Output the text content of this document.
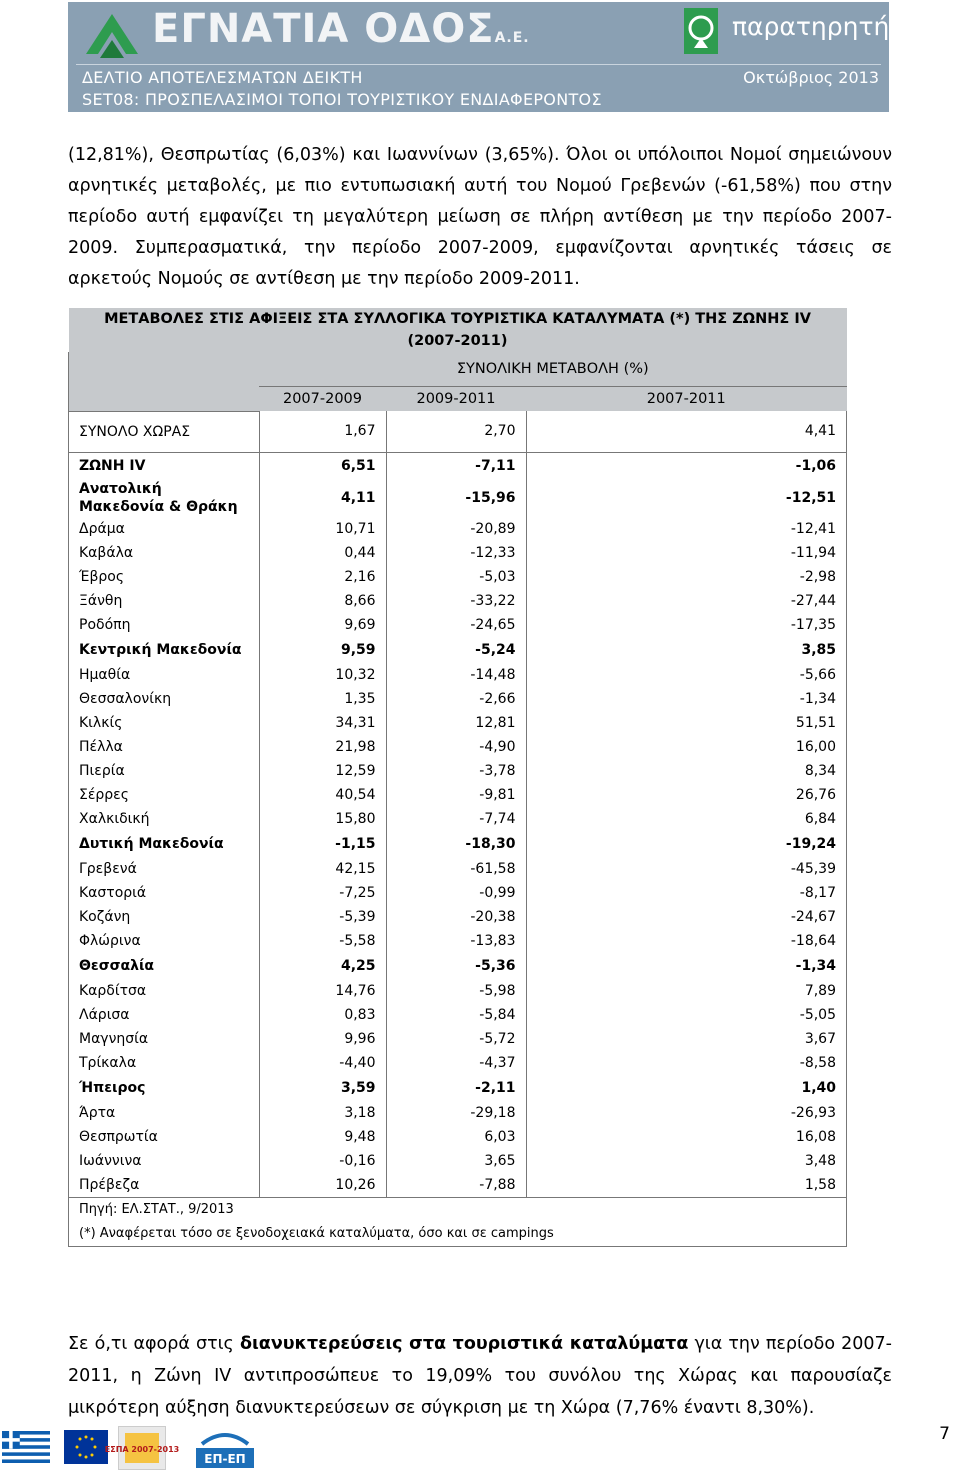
ΕΓΝΑΤΙΑ ΟΔΟΣΑ.Ε.	παρατηρητήριο
ΔΕΛΤΙΟ ΑΠΟΤΕΛΕΣΜΑΤΩΝ ΔΕΙΚΤΗ	Οκτώβριος 2013
SET08: ΠΡΟΣΠΕΛΑΣΙΜΟΙ ΤΟΠΟΙ ΤΟΥΡΙΣΤΙΚΟΥ ΕΝΔΙΑΦΕΡΟΝΤΟΣ
(12,81%), Θεσπρωτίας (6,03%) και Ιωαννίνων (3,65%). Όλοι οι υπόλοιποι Νομοί σημειώνουν αρνητικές μεταβολές, με πιο εντυπωσιακή αυτή του Νομού Γρεβενών (-61,58%) που στην περίοδο αυτή εμφανίζει τη μεγαλύτερη μείωση σε πλήρη αντίθεση με την περίοδο 2007-2009. Συμπερασματικά, την περίοδο 2007-2009, εμφανίζονται αρνητικές τάσεις σε αρκετούς Νομούς σε αντίθεση με την περίοδο 2009-2011.
ΜΕΤΑΒΟΛΕΣ ΣΤΙΣ ΑΦΙΞΕΙΣ ΣΤΑ ΣΥΛΛΟΓΙΚΑ ΤΟΥΡΙΣΤΙΚΑ ΚΑΤΑΛΥΜΑΤΑ (*) ΤΗΣ ΖΩΝΗΣ IV (2007-2011)			
	ΣΥΝΟΛΙΚΗ ΜΕΤΑΒΟΛΗ (%)		
	2007-2009	2009-2011	2007-2011
ΣΥΝΟΛΟ ΧΩΡΑΣ	1,67	2,70	4,41
ΖΩΝΗ IV	6,51	-7,11	-1,06
Ανατολική Μακεδονία & Θράκη	4,11	-15,96	-12,51
Δράμα	10,71	-20,89	-12,41
Καβάλα	0,44	-12,33	-11,94
Έβρος	2,16	-5,03	-2,98
Ξάνθη	8,66	-33,22	-27,44
Ροδόπη	9,69	-24,65	-17,35
Κεντρική Μακεδονία	9,59	-5,24	3,85
Ημαθία	10,32	-14,48	-5,66
Θεσσαλονίκη	1,35	-2,66	-1,34
Κιλκίς	34,31	12,81	51,51
Πέλλα	21,98	-4,90	16,00
Πιερία	12,59	-3,78	8,34
Σέρρες	40,54	-9,81	26,76
Χαλκιδική	15,80	-7,74	6,84
Δυτική Μακεδονία	-1,15	-18,30	-19,24
Γρεβενά	42,15	-61,58	-45,39
Καστοριά	-7,25	-0,99	-8,17
Κοζάνη	-5,39	-20,38	-24,67
Φλώρινα	-5,58	-13,83	-18,64
Θεσσαλία	4,25	-5,36	-1,34
Καρδίτσα	14,76	-5,98	7,89
Λάρισα	0,83	-5,84	-5,05
Μαγνησία	9,96	-5,72	3,67
Τρίκαλα	-4,40	-4,37	-8,58
Ήπειρος	3,59	-2,11	1,40
Άρτα	3,18	-29,18	-26,93
Θεσπρωτία	9,48	6,03	16,08
Ιωάννινα	-0,16	3,65	3,48
Πρέβεζα	10,26	-7,88	1,58
Πηγή: ΕΛ.ΣΤΑΤ., 9/2013			
(*) Αναφέρεται τόσο σε ξενοδοχειακά καταλύματα, όσο και σε campings			
Σε ό,τι αφορά στις διανυκτερεύσεις στα τουριστικά καταλύματα για την περίοδο 2007-2011, η Ζώνη IV αντιπροσώπευε το 19,09% του συνόλου της Χώρας και παρουσίαζε μικρότερη αύξηση διανυκτερεύσεων σε σύγκριση με τη Χώρα (7,76% έναντι 8,30%).
ΕΣΠΑ 2007-2013
ΕΠ-ΕΠ
7
